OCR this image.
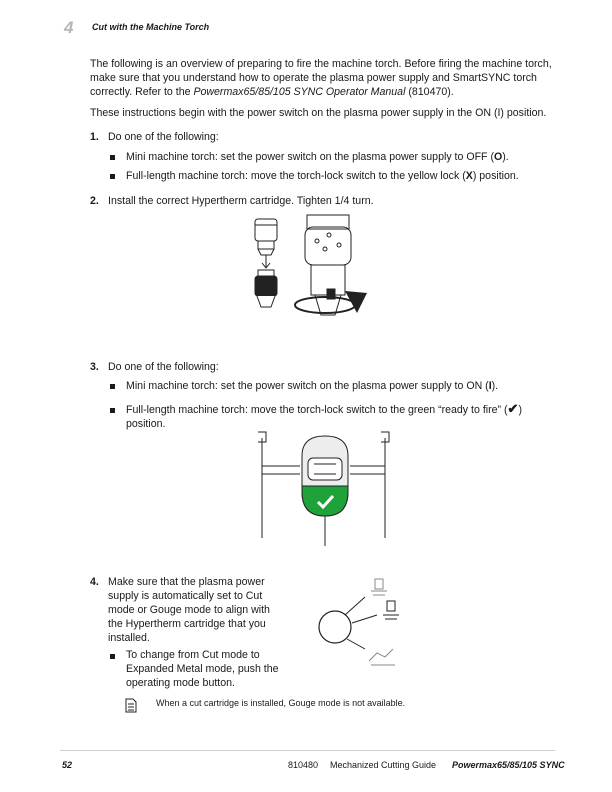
4 Cut with the Machine Torch
The following is an overview of preparing to fire the machine torch. Before firing the machine torch, make sure that you understand how to operate the plasma power supply and SmartSYNC torch correctly. Refer to the Powermax65/85/105 SYNC Operator Manual (810470).
These instructions begin with the power switch on the plasma power supply in the ON (I) position.
1. Do one of the following:
Mini machine torch: set the power switch on the plasma power supply to OFF (O).
Full-length machine torch: move the torch-lock switch to the yellow lock (X) position.
2. Install the correct Hypertherm cartridge. Tighten 1/4 turn.
3. Do one of the following:
Mini machine torch: set the power switch on the plasma power supply to ON (I).
Full-length machine torch: move the torch-lock switch to the green “ready to fire” (✔)
position.
4. Make sure that the plasma power
supply is automatically set to Cut
mode or Gouge mode to align with
the Hypertherm cartridge that you
installed.
To change from Cut mode to
Expanded Metal mode, push the
operating mode button.
When a cut cartridge is installed, Gouge mode is not available.
52	810480 Mechanized Cutting Guide Powermax65/85/105 SYNC
